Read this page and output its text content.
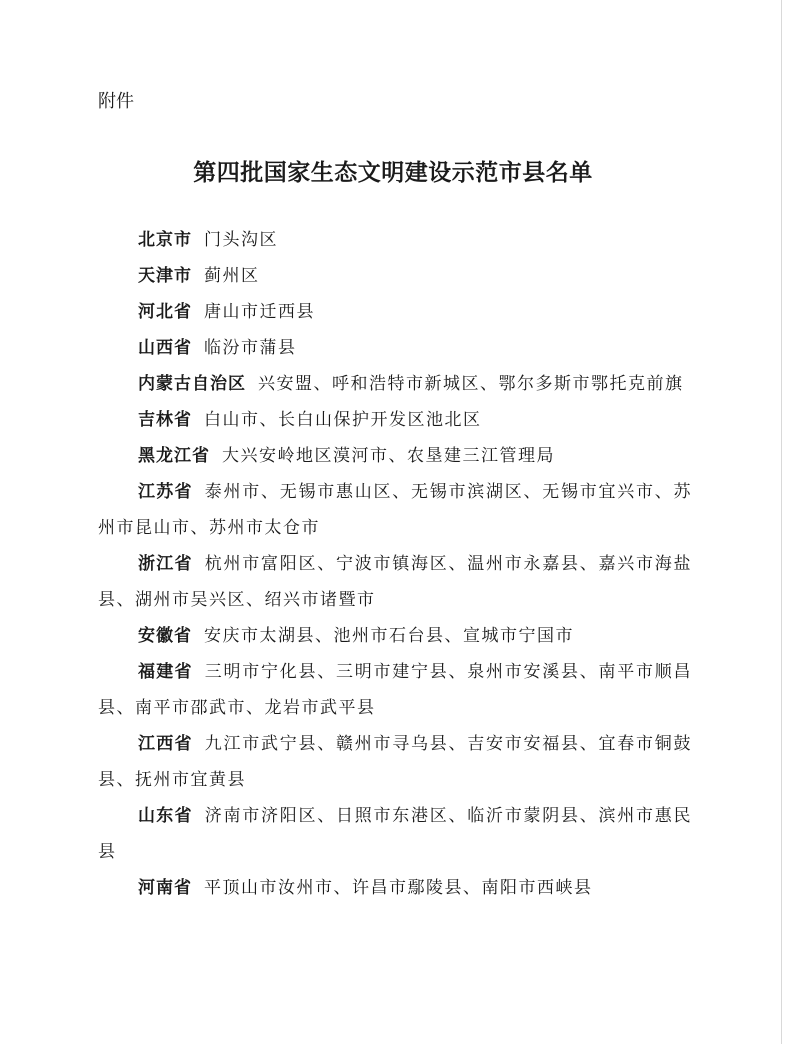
附件
第四批国家生态文明建设示范市县名单

北京市 门头沟区

天津市 蓟州区

河北省 唐山市迁西县

山西省 临汾市蒲县

内蒙古自治区 兴安盟、呼和浩特市新城区、鄂尔多斯市鄂托克前旗

吉林省 白山市、长白山保护开发区池北区

黑龙江省 大兴安岭地区漠河市、农垦建三江管理局

江苏省 泰州市、无锡市惠山区、无锡市滨湖区、无锡市宜兴市、苏州市昆山市、苏州市太仓市

浙江省 杭州市富阳区、宁波市镇海区、温州市永嘉县、嘉兴市海盐县、湖州市吴兴区、绍兴市诸暨市

安徽省 安庆市太湖县、池州市石台县、宣城市宁国市

福建省 三明市宁化县、三明市建宁县、泉州市安溪县、南平市顺昌县、南平市邵武市、龙岩市武平县

江西省 九江市武宁县、赣州市寻乌县、吉安市安福县、宜春市铜鼓县、抚州市宜黄县

山东省 济南市济阳区、日照市东港区、临沂市蒙阴县、滨州市惠民县

河南省 平顶山市汝州市、许昌市鄢陵县、南阳市西峡县
